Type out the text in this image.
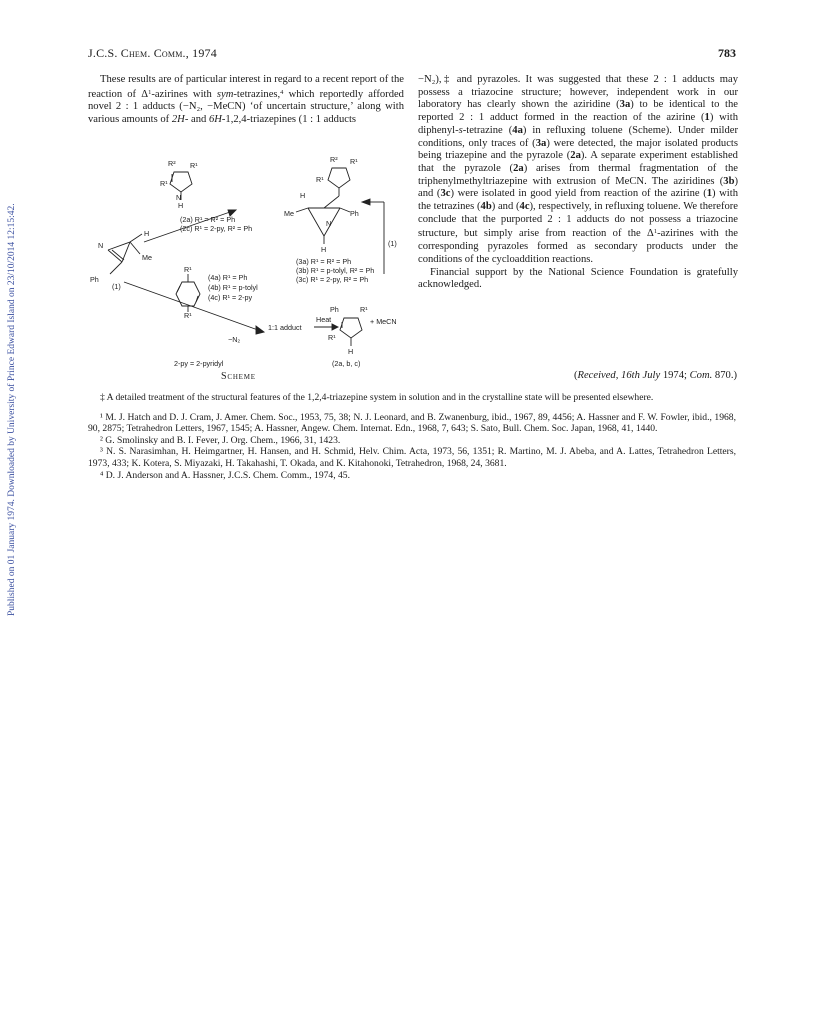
Published on 01 January 1974. Downloaded by University of Prince Edward Island on 23/10/2014 12:15:42.
J.C.S. Chem. Comm., 1974	783

These results are of particular interest in regard to a recent report of the reaction of $\Delta^1$-azirines with sym-tetrazines,$^4$ which reportedly afforded novel 2 : 1 adducts (−N₂, −MeCN) ‘of uncertain structure,’ along with various amounts of 2H- and 6H-1,2,4-triazepines (1 : 1 adducts

R² R¹
R¹
N
H
(2a) R¹ = R² = Ph
(2c) R¹ = 2-py, R² = Ph
N
H
Me
Ph
(1)
R¹
R¹
(4a) R¹ = Ph
(4b) R¹ = p-tolyl
(4c) R¹ = 2-py
−N₂
1:1 adduct
Heat	+ MeCN
Ph	R¹
R¹
H
(2a, b, c)
2-py = 2-pyridyl
R² R¹
R¹
H
Me	Ph
N
H
(3a) R¹ = R² = Ph
(3b) R¹ = p-tolyl, R² = Ph
(3c) R¹ = 2-py, R² = Ph
(1)
Scheme

−N₂),‡ and pyrazoles. It was suggested that these 2 : 1 adducts may possess a triazocine structure; however, independent work in our laboratory has clearly shown the aziridine (3a) to be identical to the reported 2 : 1 adduct formed in the reaction of the azirine (1) with diphenyl-s-tetrazine (4a) in refluxing toluene (Scheme). Under milder conditions, only traces of (3a) were detected, the major isolated products being triazepine and the pyrazole (2a). A separate experiment established that the pyrazole (2a) arises from thermal fragmentation of the triphenylmethyltriazepine with extrusion of MeCN. The aziridines (3b) and (3c) were isolated in good yield from reaction of the azirine (1) with the tetrazines (4b) and (4c), respectively, in refluxing toluene. We therefore conclude that the purported 2 : 1 adducts do not possess a triazocine structure, but simply arise from reaction of the $\Delta^1$-azirines with the corresponding pyrazoles formed as secondary products under the conditions of the cycloaddition reactions.

Financial support by the National Science Foundation is gratefully acknowledged.

(Received, 16th July 1974; Com. 870.)

‡ A detailed treatment of the structural features of the 1,2,4-triazepine system in solution and in the crystalline state will be presented elsewhere.

¹ M. J. Hatch and D. J. Cram, J. Amer. Chem. Soc., 1953, 75, 38; N. J. Leonard, and B. Zwanenburg, ibid., 1967, 89, 4456; A. Hassner and F. W. Fowler, ibid., 1968, 90, 2875; Tetrahedron Letters, 1967, 1545; A. Hassner, Angew. Chem. Internat. Edn., 1968, 7, 643; S. Sato, Bull. Chem. Soc. Japan, 1968, 41, 1440.

² G. Smolinsky and B. I. Fever, J. Org. Chem., 1966, 31, 1423.

³ N. S. Narasimhan, H. Heimgartner, H. Hansen, and H. Schmid, Helv. Chim. Acta, 1973, 56, 1351; R. Martino, M. J. Abeba, and A. Lattes, Tetrahedron Letters, 1973, 433; K. Kotera, S. Miyazaki, H. Takahashi, T. Okada, and K. Kitahonoki, Tetrahedron, 1968, 24, 3681.

⁴ D. J. Anderson and A. Hassner, J.C.S. Chem. Comm., 1974, 45.
